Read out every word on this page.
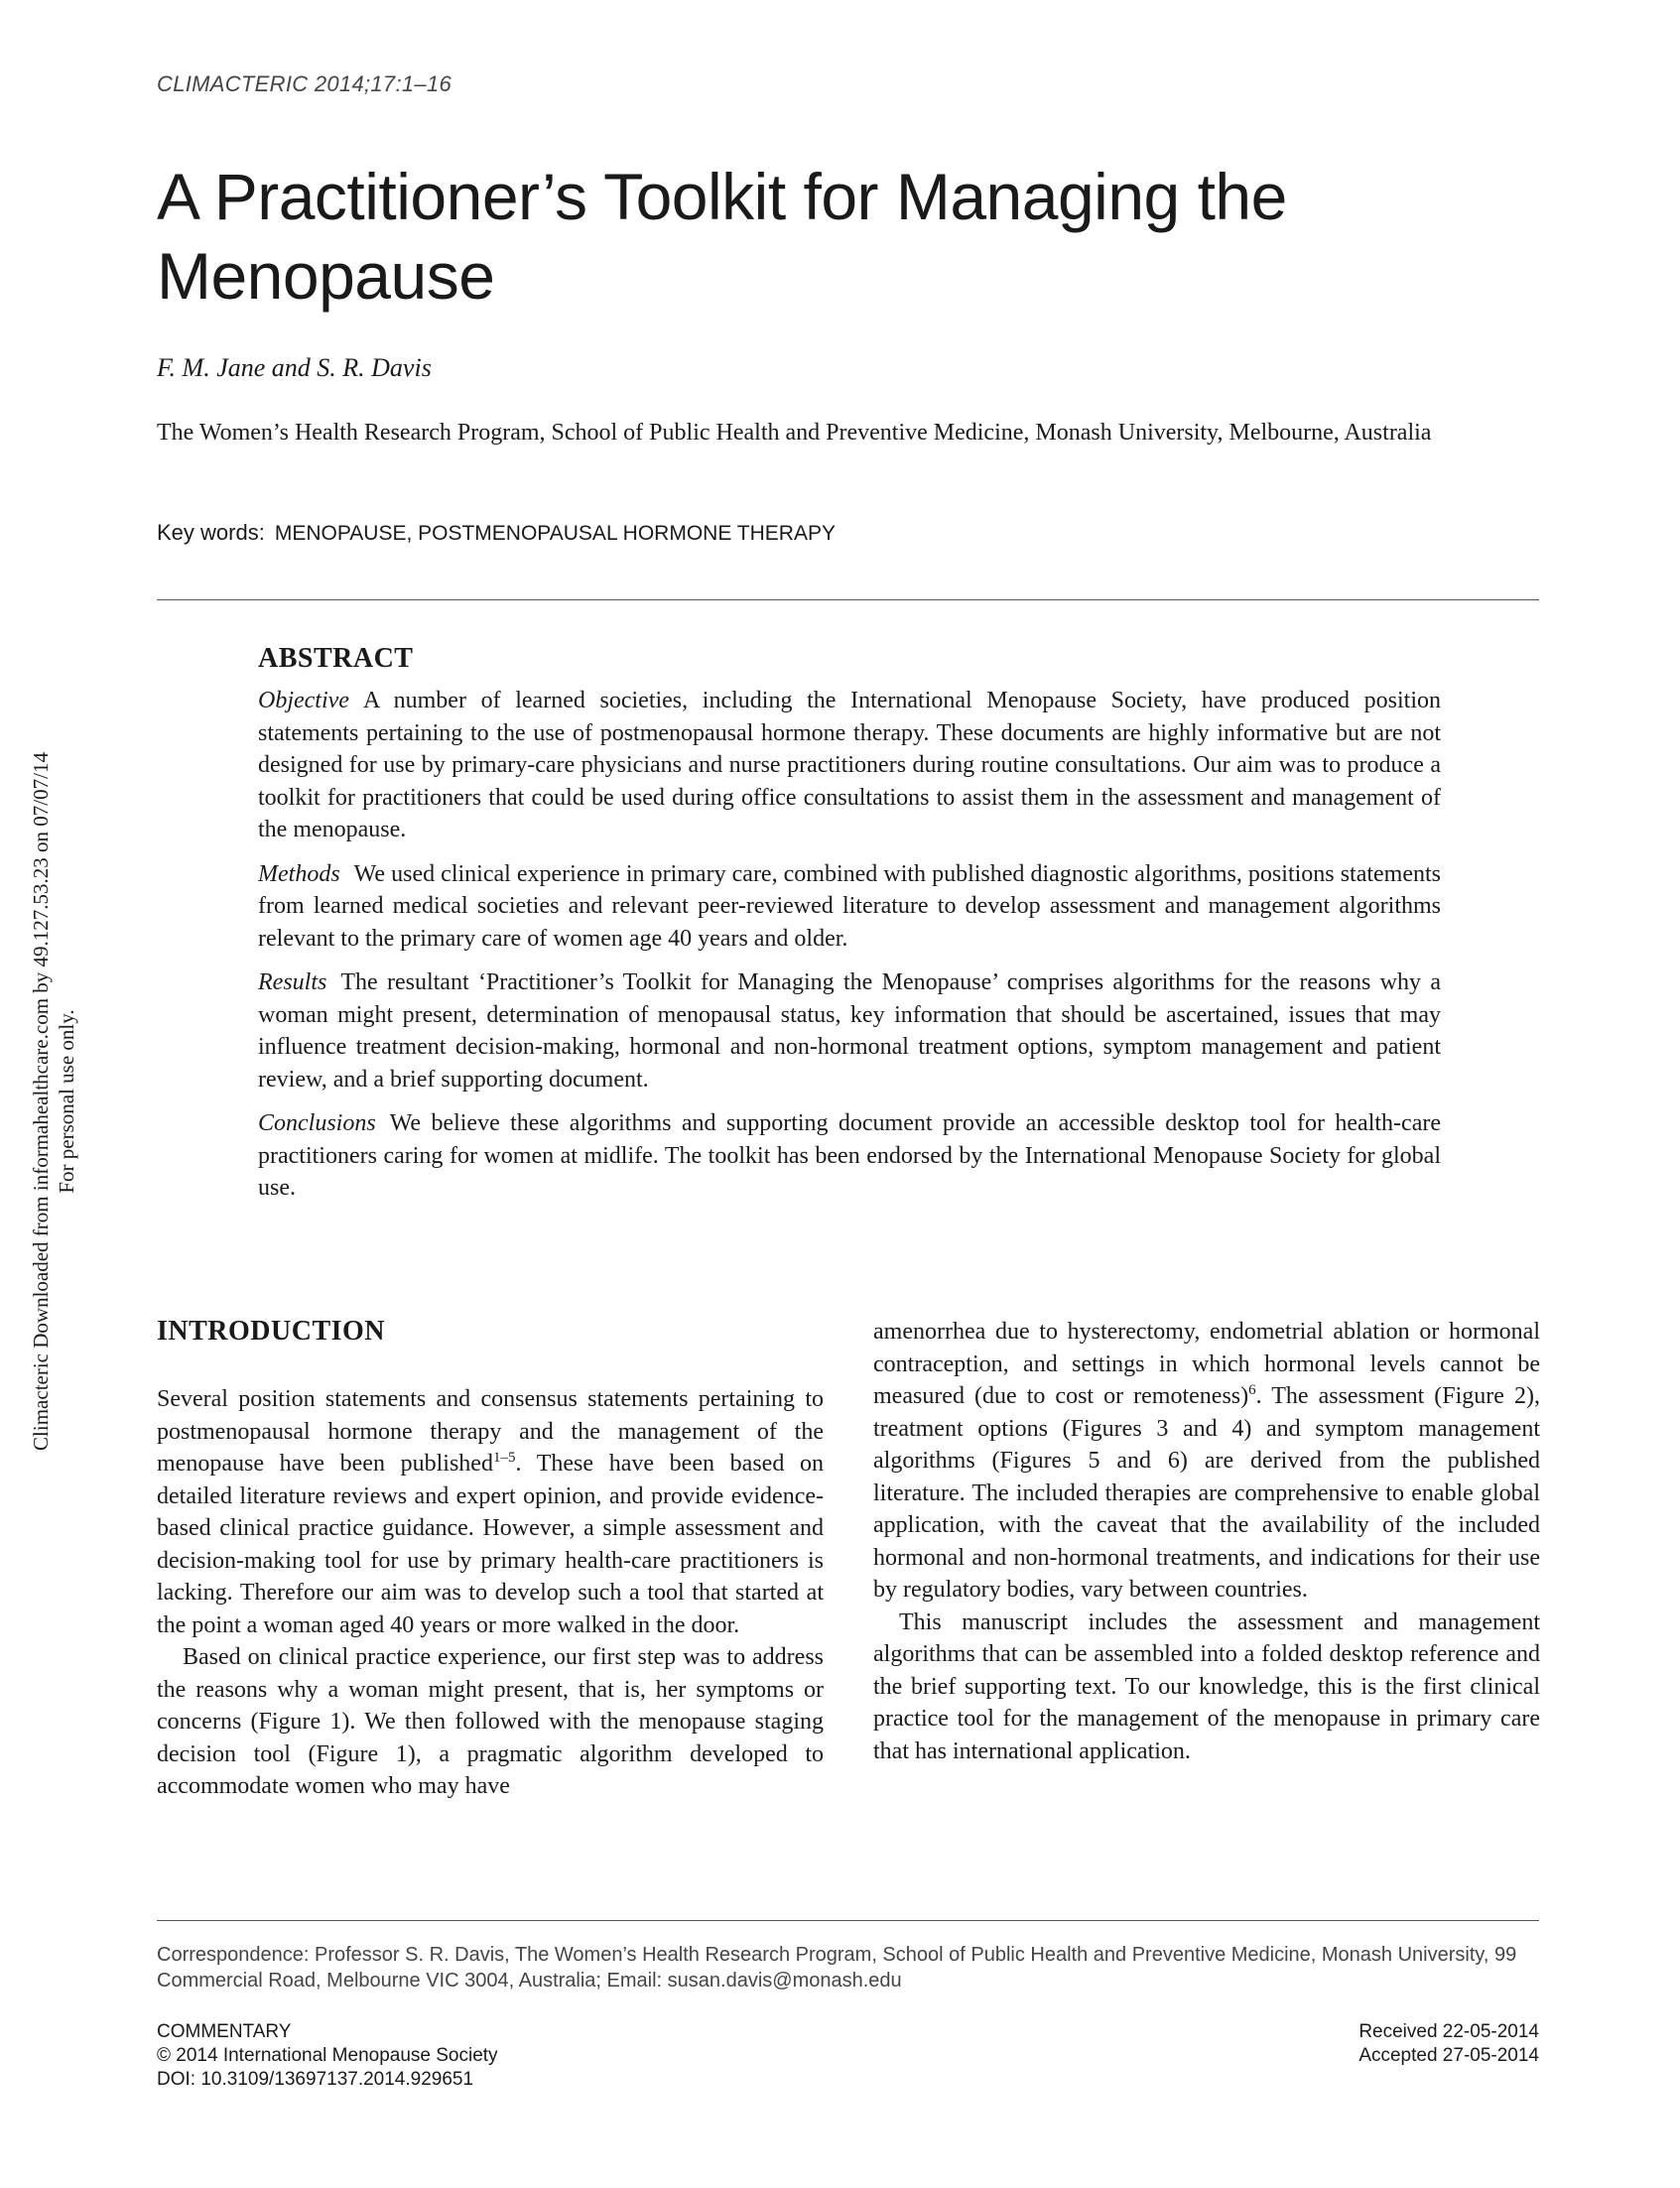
CLIMACTERIC 2014;17:1–16
A Practitioner’s Toolkit for Managing the Menopause
F. M. Jane and S. R. Davis
The Women’s Health Research Program, School of Public Health and Preventive Medicine, Monash University, Melbourne, Australia
Key words: MENOPAUSE, POSTMENOPAUSAL HORMONE THERAPY
ABSTRACT

Objective A number of learned societies, including the International Menopause Society, have produced position statements pertaining to the use of postmenopausal hormone therapy. These documents are highly informative but are not designed for use by primary-care physicians and nurse practitioners during routine consultations. Our aim was to produce a toolkit for practitioners that could be used during office consultations to assist them in the assessment and management of the menopause.

Methods We used clinical experience in primary care, combined with published diagnostic algorithms, positions statements from learned medical societies and relevant peer-reviewed literature to develop assessment and management algorithms relevant to the primary care of women age 40 years and older.

Results The resultant ‘Practitioner’s Toolkit for Managing the Menopause’ comprises algorithms for the reasons why a woman might present, determination of menopausal status, key information that should be ascertained, issues that may influence treatment decision-making, hormonal and non-hormonal treatment options, symptom management and patient review, and a brief supporting document.

Conclusions We believe these algorithms and supporting document provide an accessible desktop tool for health-care practitioners caring for women at midlife. The toolkit has been endorsed by the International Menopause Society for global use.

Climacteric Downloaded from informahealthcare.com by 49.127.53.23 on 07/07/14 For personal use only.
INTRODUCTION

Several position statements and consensus statements pertaining to postmenopausal hormone therapy and the management of the menopause have been published$^{1-5}$. These have been based on detailed literature reviews and expert opinion, and provide evidence-based clinical practice guidance. However, a simple assessment and decision-making tool for use by primary health-care practitioners is lacking. Therefore our aim was to develop such a tool that started at the point a woman aged 40 years or more walked in the door.

Based on clinical practice experience, our first step was to address the reasons why a woman might present, that is, her symptoms or concerns (Figure 1). We then followed with the menopause staging decision tool (Figure 1), a pragmatic algorithm developed to accommodate women who may have

amenorrhea due to hysterectomy, endometrial ablation or hormonal contraception, and settings in which hormonal levels cannot be measured (due to cost or remoteness)$^6$. The assessment (Figure 2), treatment options (Figures 3 and 4) and symptom management algorithms (Figures 5 and 6) are derived from the published literature. The included therapies are comprehensive to enable global application, with the caveat that the availability of the included hormonal and non-hormonal treatments, and indications for their use by regulatory bodies, vary between countries.

This manuscript includes the assessment and management algorithms that can be assembled into a folded desktop reference and the brief supporting text. To our knowledge, this is the first clinical practice tool for the management of the menopause in primary care that has international application.

Correspondence: Professor S. R. Davis, The Women’s Health Research Program, School of Public Health and Preventive Medicine, Monash University, 99 Commercial Road, Melbourne VIC 3004, Australia; Email: susan.davis@monash.edu
COMMENTARY
© 2014 International Menopause Society
DOI: 10.3109/13697137.2014.929651
Received 22-05-2014
Accepted 27-05-2014
